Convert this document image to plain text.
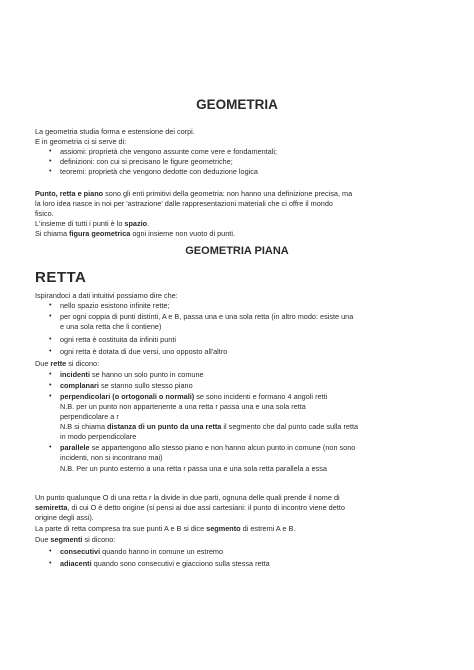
GEOMETRIA

La geometria studia forma e estensione dei corpi.

E in geometria ci si serve di:

• assiomi: proprietà che vengono assunte come vere e fondamentali;

• definizioni: con cui si precisano le figure geometriche;

• teoremi: proprietà che vengono dedotte con deduzione logica

Punto, retta e piano sono gli enti primitivi della geometria: non hanno una definizione precisa, ma

la loro idea nasce in noi per 'astrazione' dalle rappresentazioni materiali che ci offre il mondo

fisico.

L'insieme di tutti i punti è lo spazio.

Si chiama figura geometrica ogni insieme non vuoto di punti.

GEOMETRIA PIANA
RETTA

Ispirandoci a dati intuitivi possiamo dire che:

• nello spazio esistono infinite rette;

• per ogni coppia di punti distinti, A e B, passa una e una sola retta (in altro modo: esiste una

e una sola retta che li contiene)

• ogni retta è costituita da infiniti punti

• ogni retta è dotata di due versi, uno opposto all'altro

Due rette si dicono:

• incidenti se hanno un solo punto in comune

• complanari se stanno sullo stesso piano

• perpendicolari (o ortogonali o normali) se sono incidenti e formano 4 angoli retti

N.B. per un punto non appartenente a una retta r passa una e una sola retta

perpendicolare a r

N.B si chiama distanza di un punto da una retta il segmento che dal punto cade sulla retta

in modo perpendicolare

• parallele se appartengono allo stesso piano e non hanno alcun punto in comune (non sono

incidenti, non si incontrano mai)

N.B. Per un punto esterno a una retta r passa una e una sola retta parallela a essa

Un punto qualunque O di una retta r la divide in due parti, ognuna delle quali prende il nome di

semiretta, di cui O è detto origine (si pensi ai due assi cartesiani: il punto di incontro viene detto

origine degli assi).

La parte di retta compresa tra sue punti A e B si dice segmento di estremi A e B.

Due segmenti si dicono:

• consecutivi quando hanno in comune un estremo

• adiacenti quando sono consecutivi e giacciono sulla stessa retta
